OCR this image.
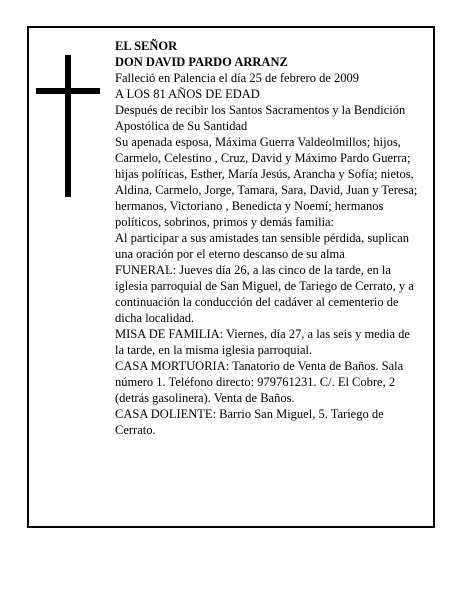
EL SEÑOR
DON DAVID PARDO ARRANZ
Falleció en Palencia el día 25 de febrero de 2009
A LOS 81 AÑOS DE EDAD
Después de recibir los Santos Sacramentos y la Bendición Apostólica de Su Santidad
Su apenada esposa, Máxima Guerra Valdeolmillos; hijos, Carmelo, Celestino , Cruz, David y Máximo Pardo Guerra; hijas políticas, Esther, María Jesús, Arancha y Sofía; nietos, Aldina, Carmelo, Jorge, Tamara, Sara, David, Juan y Teresa; hermanos, Victoriano , Benedicta y Noemí; hermanos políticos, sobrinos, primos y demás familia:
Al participar a sus amistades tan sensible pérdida, suplican una oración por el eterno descanso de su alma
FUNERAL: Jueves día 26, a las cinco de la tarde, en la iglesia parroquial de San Miguel, de Tariego de Cerrato, y a continuación la conducción del cadáver al cementerio de dicha localidad.
MISA DE FAMILIA: Viernes, día 27, a las seis y media de la tarde, en la misma iglesia parroquial.
CASA MORTUORIA: Tanatorio de Venta de Baños. Sala número 1. Teléfono directo: 979761231. C/. El Cobre, 2 (detrás gasolinera). Venta de Baños.
CASA DOLIENTE: Barrio San Miguel, 5. Tariego de Cerrato.
